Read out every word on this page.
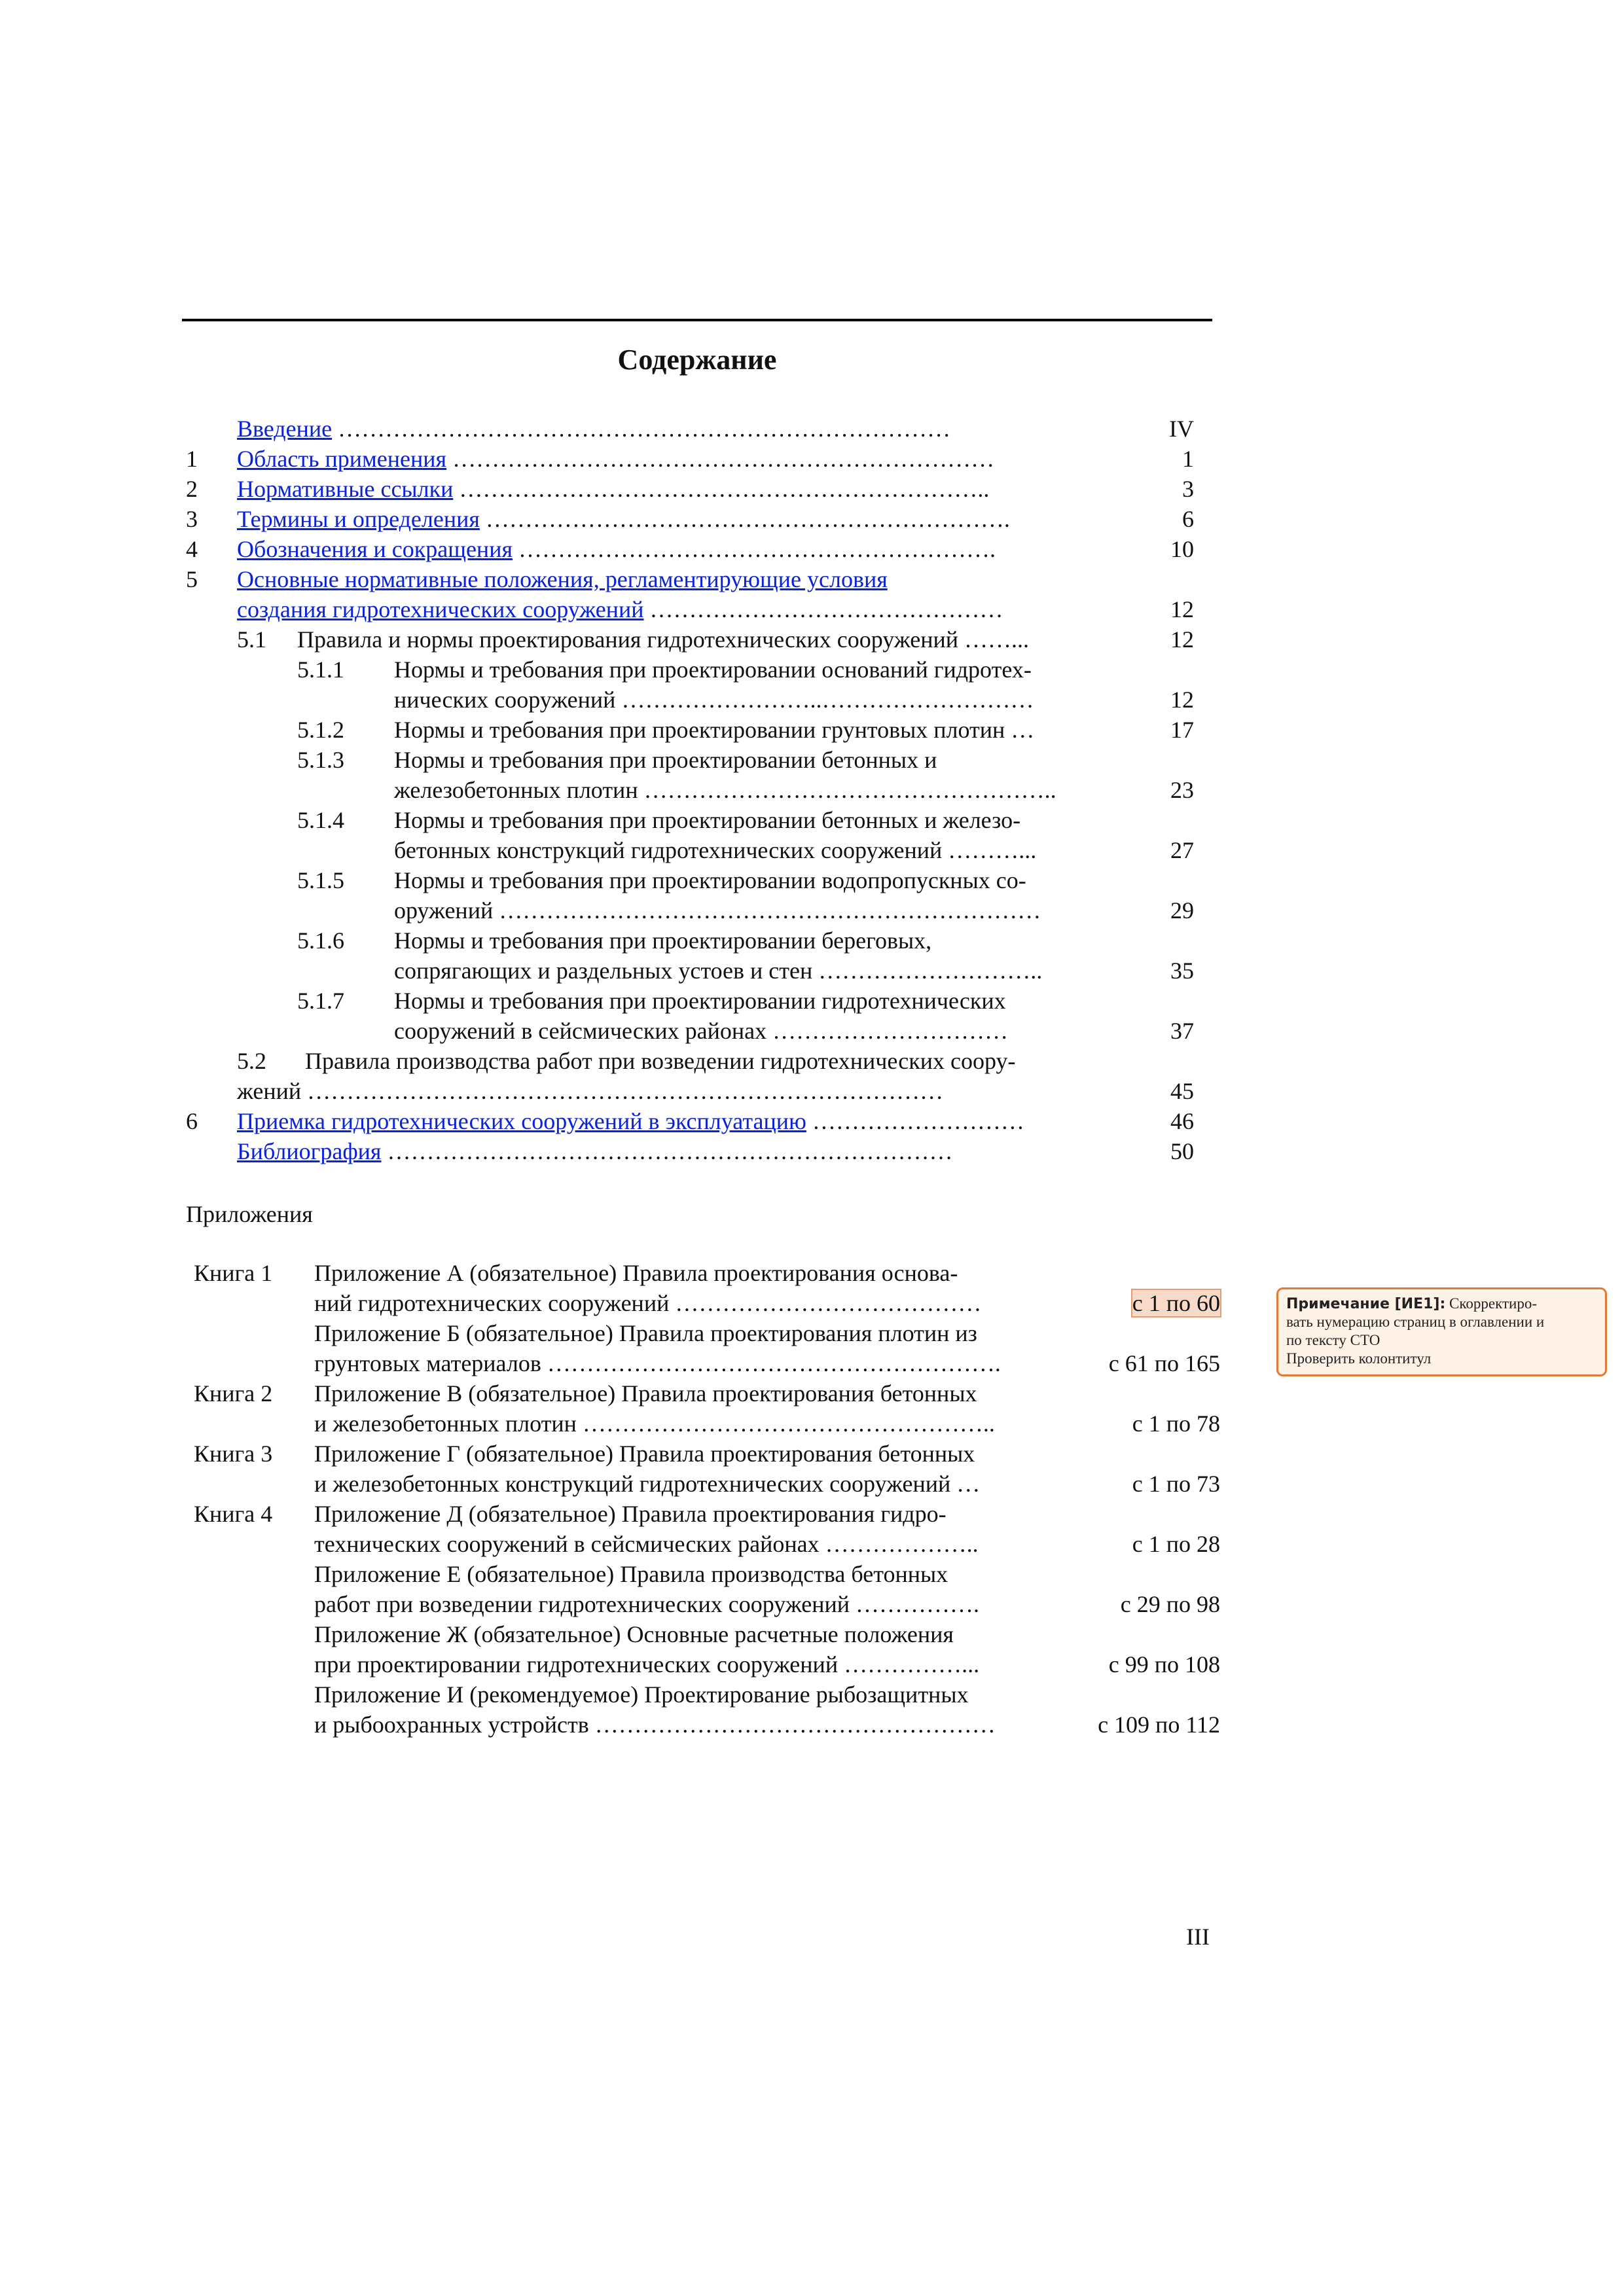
Содержание
Введение ……………………………………………………………………	IV
1 Область применения ……………………………………………………………	1
2 Нормативные ссылки …………………………………………………………..	3
3 Термины и определения ………………………………………………………….	6
4 Обозначения и сокращения …………………………………………………….	10
5 Основные нормативные положения, регламентирующие условия
создания гидротехнических сооружений ………………………………………	12
5.1 Правила и нормы проектирования гидротехнических сооружений ……...	12
5.1.1 Нормы и требования при проектировании оснований гидротех-
нических сооружений ……………………..………………………	12
5.1.2 Нормы и требования при проектировании грунтовых плотин …	17
5.1.3 Нормы и требования при проектировании бетонных и
железобетонных плотин ……………………………………………..	23
5.1.4 Нормы и требования при проектировании бетонных и железо-
бетонных конструкций гидротехнических сооружений ………...	27
5.1.5 Нормы и требования при проектировании водопропускных со-
оружений ……………………………………………………………	29
5.1.6 Нормы и требования при проектировании береговых,
сопрягающих и раздельных устоев и стен ………………………..	35
5.1.7 Нормы и требования при проектировании гидротехнических
сооружений в сейсмических районах …………………………	37
5.2 Правила производства работ при возведении гидротехнических соору-
жений ………………………………………………………………………	45
6 Приемка гидротехнических сооружений в эксплуатацию ………………………	46
Библиография ………………………………………………………………	50
Приложения
Книга 1 Приложение А (обязательное) Правила проектирования основа-
ний гидротехнических сооружений …………………………………	с 1 по 60
Приложение Б (обязательное) Правила проектирования плотин из
грунтовых материалов ………………………………………………….	с 61 по 165
Книга 2 Приложение В (обязательное) Правила проектирования бетонных
и железобетонных плотин ……………………………………………..	с 1 по 78
Книга 3 Приложение Г (обязательное) Правила проектирования бетонных
и железобетонных конструкций гидротехнических сооружений …	с 1 по 73
Книга 4 Приложение Д (обязательное) Правила проектирования гидро-
технических сооружений в сейсмических районах ………………..	с 1 по 28
Приложение Е (обязательное) Правила производства бетонных
работ при возведении гидротехнических сооружений …………….	с 29 по 98
Приложение Ж (обязательное) Основные расчетные положения
при проектировании гидротехнических сооружений ……………...	с 99 по 108
Приложение И (рекомендуемое) Проектирование рыбозащитных
и рыбоохранных устройств ……………………………………………	с 109 по 112
Примечание [ИЕ1]: Скорректиро-
вать нумерацию страниц в оглавлении и
по тексту СТО
Проверить колонтитул
III
